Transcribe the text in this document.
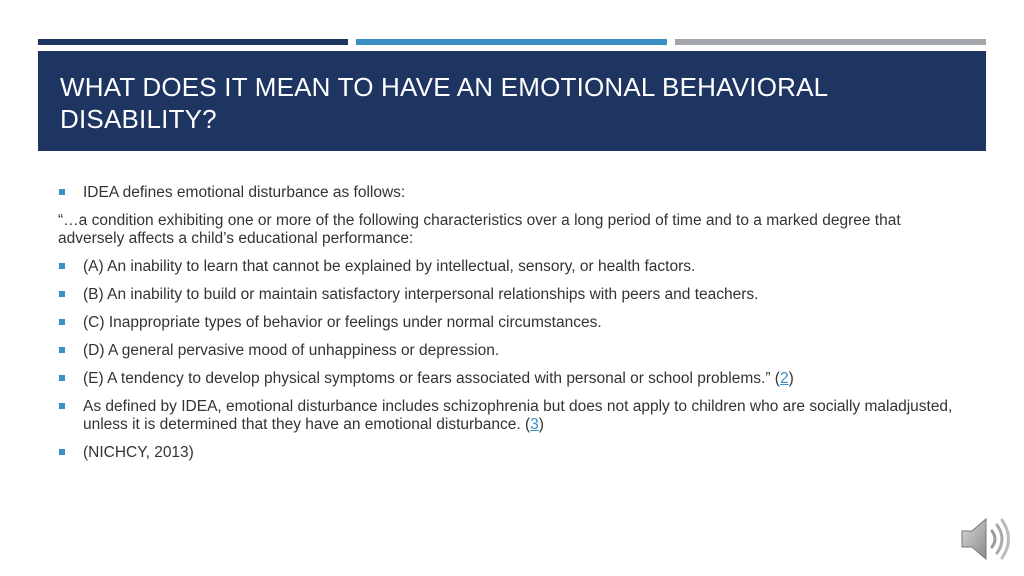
WHAT DOES IT MEAN TO HAVE AN EMOTIONAL BEHAVIORAL DISABILITY?
IDEA defines emotional disturbance as follows:
“…a condition exhibiting one or more of the following characteristics over a long period of time and to a marked degree that adversely affects a child’s educational performance:
(A) An inability to learn that cannot be explained by intellectual, sensory, or health factors.
(B) An inability to build or maintain satisfactory interpersonal relationships with peers and teachers.
(C) Inappropriate types of behavior or feelings under normal circumstances.
(D) A general pervasive mood of unhappiness or depression.
(E) A tendency to develop physical symptoms or fears associated with personal or school problems.” (2)
As defined by IDEA, emotional disturbance includes schizophrenia but does not apply to children who are socially maladjusted, unless it is determined that they have an emotional disturbance. (3)
(NICHCY, 2013)
